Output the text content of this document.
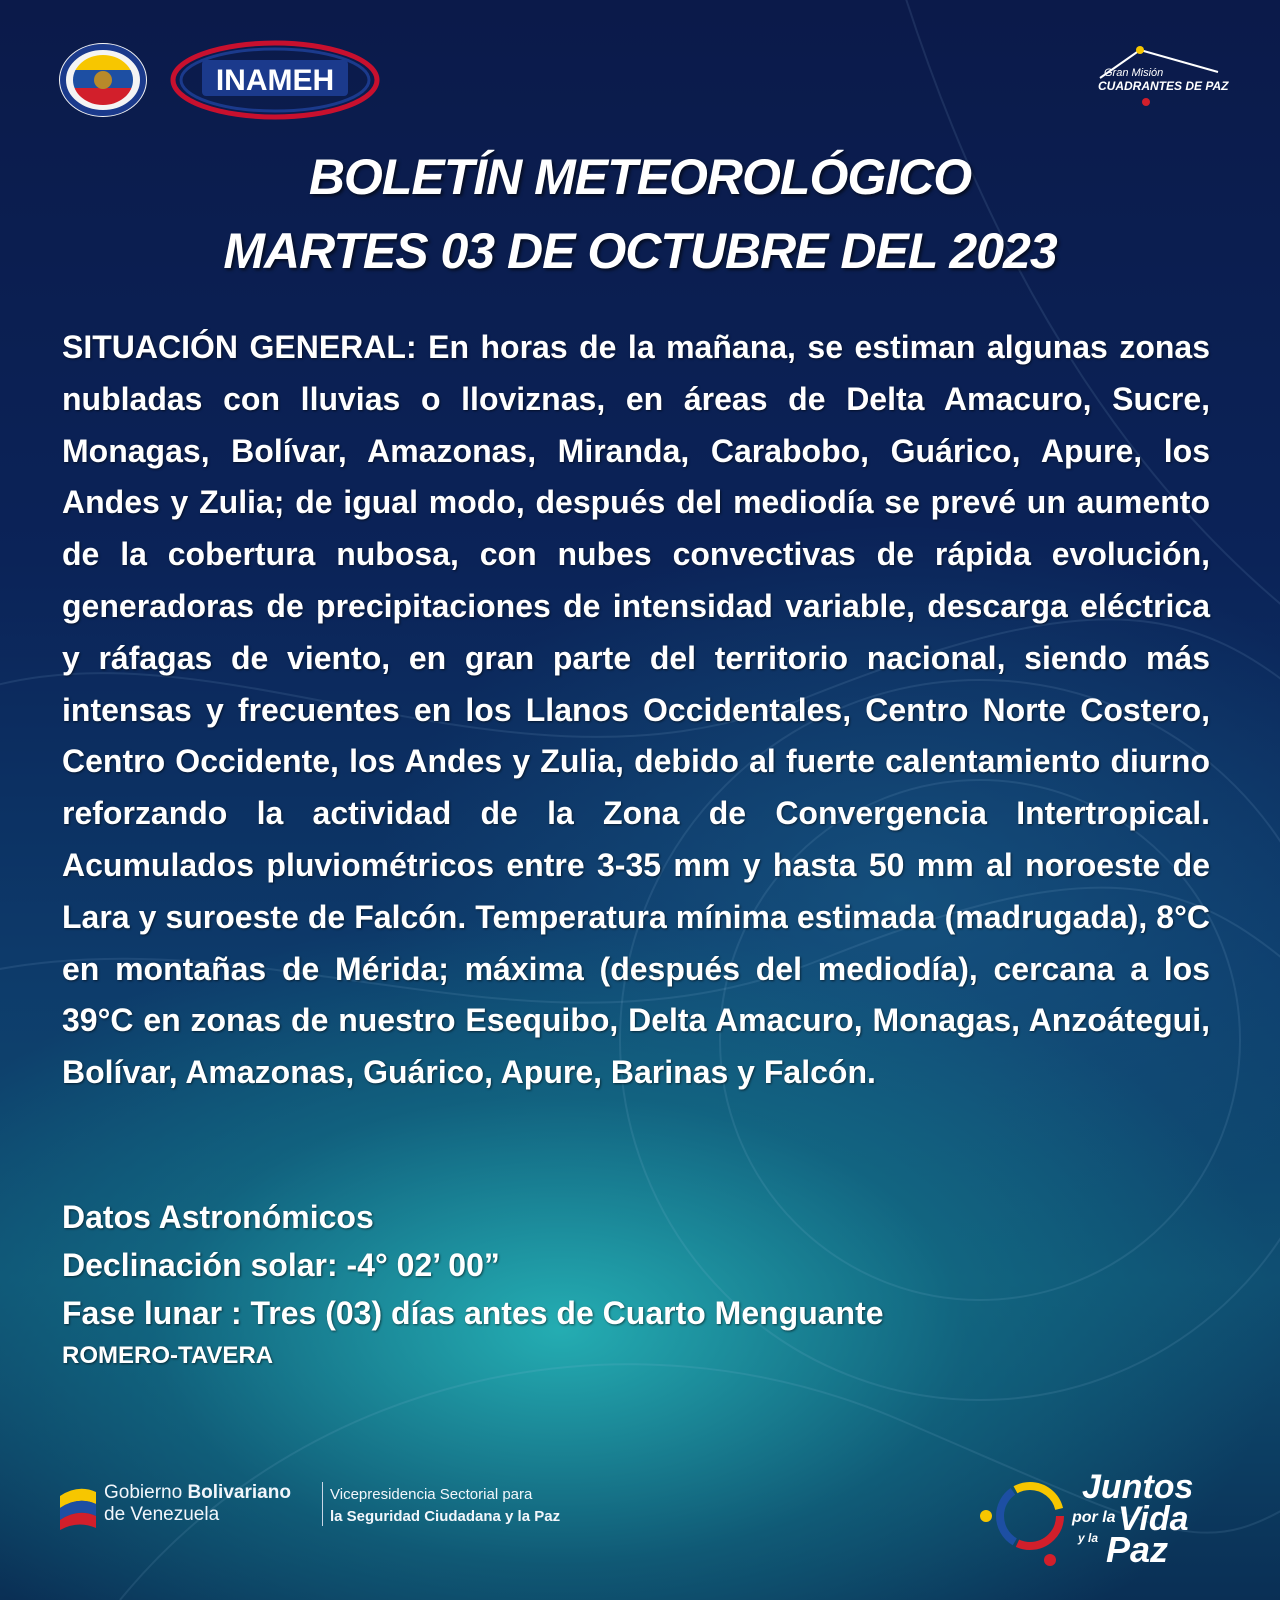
INAMEH	Gran Misión
CUADRANTES DE PAZ
BOLETÍN METEOROLÓGICO
MARTES 03 DE OCTUBRE DEL 2023
SITUACIÓN GENERAL: En horas de la mañana, se estiman algunas zonas nubladas con lluvias o lloviznas, en áreas de Delta Amacuro, Sucre, Monagas, Bolívar, Amazonas, Miranda, Carabobo, Guárico, Apure, los Andes y Zulia; de igual modo, después del mediodía se prevé un aumento de la cobertura nubosa, con nubes convectivas de rápida evolución, generadoras de precipitaciones de intensidad variable, descarga eléctrica y ráfagas de viento, en gran parte del territorio nacional, siendo más intensas y frecuentes en los Llanos Occidentales, Centro Norte Costero, Centro Occidente, los Andes y Zulia, debido al fuerte calentamiento diurno reforzando la actividad de la Zona de Convergencia Intertropical. Acumulados pluviométricos entre 3-35 mm y hasta 50 mm al noroeste de Lara y suroeste de Falcón. Temperatura mínima estimada (madrugada), 8°C en montañas de Mérida; máxima (después del mediodía), cercana a los 39°C en zonas de nuestro Esequibo, Delta Amacuro, Monagas, Anzoátegui, Bolívar, Amazonas, Guárico, Apure, Barinas y Falcón.
Datos Astronómicos
Declinación solar: -4° 02’ 00”
Fase lunar : Tres (03) días antes de Cuarto Menguante
ROMERO-TAVERA
Gobierno Bolivariano
de Venezuela
Vicepresidencia Sectorial para
la Seguridad Ciudadana y la Paz
Juntos
por la Vida
y la Paz
